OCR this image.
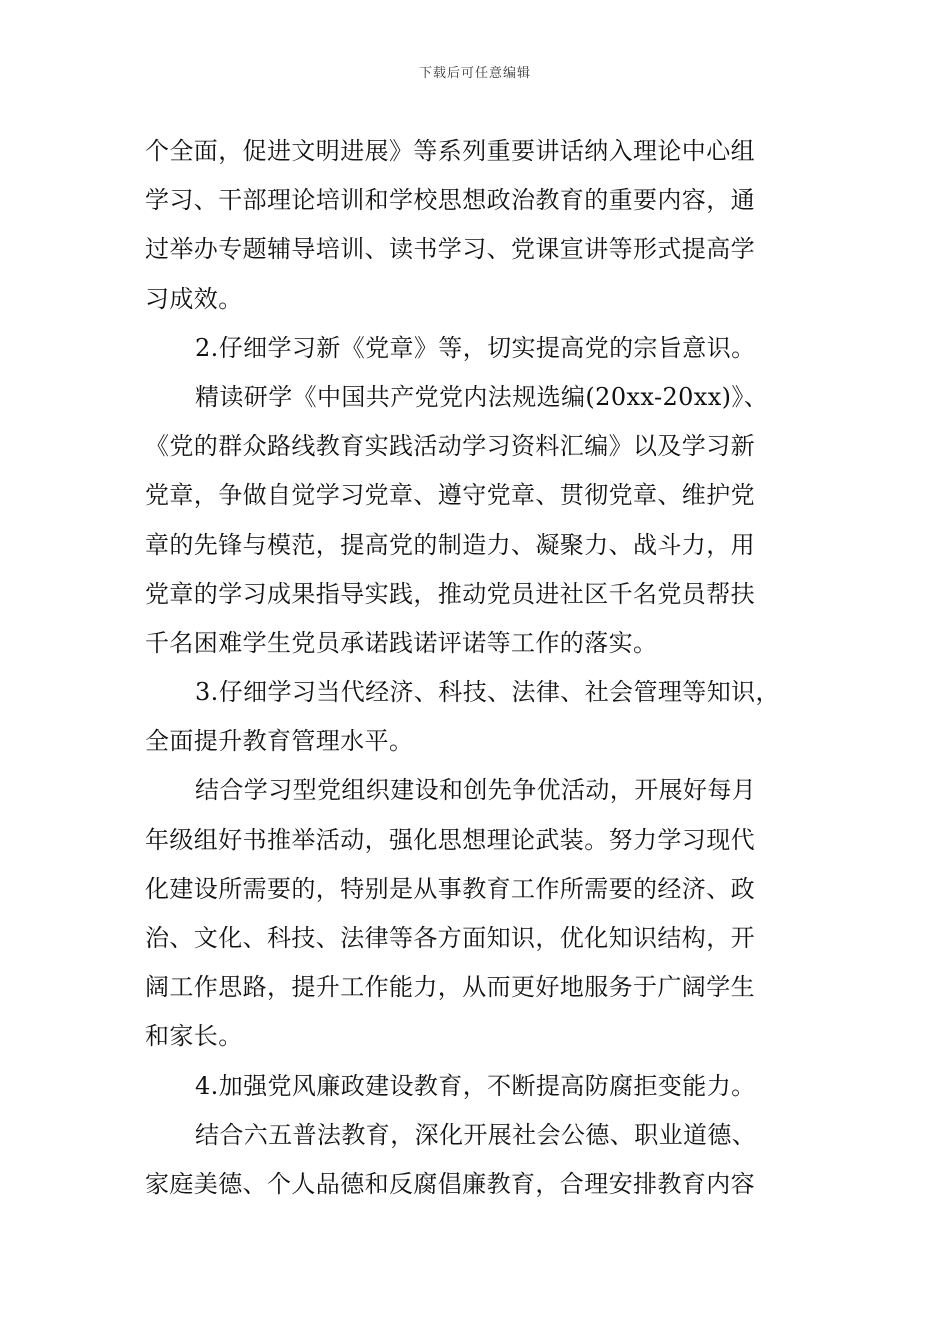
下载后可任意编辑
个全面，促进文明进展》等系列重要讲话纳入理论中心组
学习、干部理论培训和学校思想政治教育的重要内容，通
过举办专题辅导培训、读书学习、党课宣讲等形式提高学
习成效。
2.仔细学习新《党章》等，切实提高党的宗旨意识。
精读研学《中国共产党党内法规选编(20xx-20xx)》、
《党的群众路线教育实践活动学习资料汇编》以及学习新
党章，争做自觉学习党章、遵守党章、贯彻党章、维护党
章的先锋与模范，提高党的制造力、凝聚力、战斗力，用
党章的学习成果指导实践，推动党员进社区千名党员帮扶
千名困难学生党员承诺践诺评诺等工作的落实。
3.仔细学习当代经济、科技、法律、社会管理等知识，
全面提升教育管理水平。
结合学习型党组织建设和创先争优活动，开展好每月
年级组好书推举活动，强化思想理论武装。努力学习现代
化建设所需要的，特别是从事教育工作所需要的经济、政
治、文化、科技、法律等各方面知识，优化知识结构，开
阔工作思路，提升工作能力，从而更好地服务于广阔学生
和家长。
4.加强党风廉政建设教育，不断提高防腐拒变能力。
结合六五普法教育，深化开展社会公德、职业道德、
家庭美德、个人品德和反腐倡廉教育，合理安排教育内容
